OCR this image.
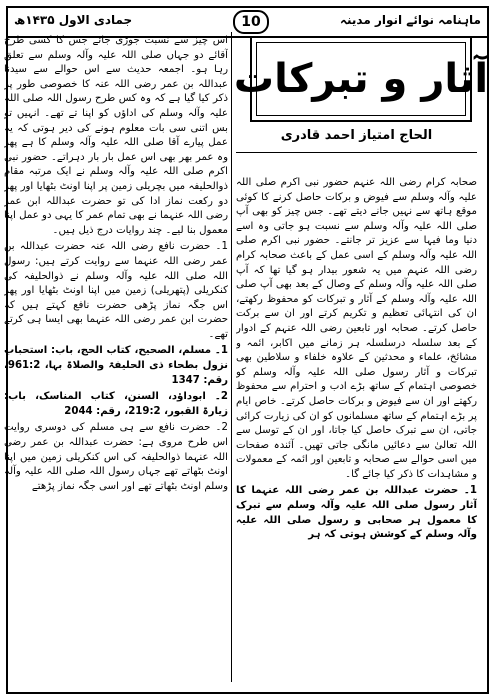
جمادی الاول ۱۴۳۵ھ	10	ماہنامہ نوائے انوار مدینہ
آثار و تبرکات
الحاج امتیاز احمد قادری

صحابہ کرام رضی اللہ عنہم حضور نبی اکرم صلی اللہ علیہ وآلہ وسلم سے فیوض و برکات حاصل کرنے کا کوئی موقع ہاتھ سے نہیں جانے دیتے تھے۔ جس چیز کو بھی آپ صلی اللہ علیہ وآلہ وسلم سے نسبت ہو جاتی وہ اسے دنیا وما فیہا سے عزیز تر جانتے۔ حضور نبی اکرم صلی اللہ علیہ وآلہ وسلم کے اسی عمل کے باعث صحابہ کرام رضی اللہ عنہم میں یہ شعور بیدار ہو گیا تھا کہ آپ صلی اللہ علیہ وآلہ وسلم کے وصال کے بعد بھی آپ صلی اللہ علیہ وآلہ وسلم کے آثار و تبرکات کو محفوظ رکھتے، ان کی انتہائی تعظیم و تکریم کرتے اور ان سے برکت حاصل کرتے۔ صحابہ اور تابعین رضی اللہ عنہم کے ادوار کے بعد سلسلہ درسلسلہ ہر زمانے میں اکابر، ائمہ و مشائخ، علماء و محدثین کے علاوہ خلفاء و سلاطین بھی تبرکات و آثار رسول صلی اللہ علیہ وآلہ وسلم کو خصوصی اہتمام کے ساتھ بڑے ادب و احترام سے محفوظ رکھتے اور ان سے فیوض و برکات حاصل کرتے۔ خاص ایام پر بڑے اہتمام کے ساتھ مسلمانوں کو ان کی زیارت کرائی جاتی، ان سے تبرک حاصل کیا جاتا، اور ان کے توسل سے اللہ تعالیٰ سے دعائیں مانگی جاتی تھیں۔ آئندہ صفحات میں اسی حوالے سے صحابہ و تابعین اور ائمہ کے معمولات و مشاہدات کا ذکر کیا جائے گا۔

1۔ حضرت عبداللہ بن عمر رضی اللہ عنہما کا آثار رسول صلی اللہ علیہ وآلہ وسلم سے تبرک کا معمول ہر صحابی و رسول صلی اللہ علیہ وآلہ وسلم کے کوشش ہوتی کہ ہر

اس چیز سے نسبت جوڑی جائے جس کا کسی طرح آقائے دو جہاں صلی اللہ علیہ وآلہ وسلم سے تعلق رہا ہو۔ اجمعہ حدیث سے اس حوالے سے سیدنا عبداللہ بن عمر رضی اللہ عنہ کا خصوصی طور پر ذکر کیا گیا ہے کہ وہ کس طرح رسول اللہ صلی اللہ علیہ وآلہ وسلم کی اداؤں کو اپنا تے تھے۔ انہیں تو بس اتنی سی بات معلوم ہونے کی دیر ہوتی کہ یہ عمل پیارے آقا صلی اللہ علیہ وآلہ وسلم کا ہے پھر وہ عمر بھر بھی اس عمل بار بار دہراتے۔ حضور نبی اکرم صلی اللہ علیہ وآلہ وسلم نے ایک مرتبہ مقام ذوالحلیفہ میں بچریلی زمین پر اپنا اونٹ بٹھایا اور پھر دو رکعت نماز ادا کی تو حضرت عبداللہ ابن عمر رضی اللہ عنہما نے بھی تمام عمر کا یہی دو عمل اپنا معمول بنا لیے۔ چند روایات درج ذیل ہیں۔

1۔ حضرت نافع رضی اللہ عنہ حضرت عبداللہ بن عمر رضی اللہ عنہما سے روایت کرتے ہیں: رسول اللہ صلی اللہ علیہ وآلہ وسلم نے ذوالحلیفہ کی کنکریلی (پتھریلی) زمین میں اپنا اونٹ بٹھایا اور پھر اس جگہ نماز پڑھی حضرت نافع کہتے ہیں کہ حضرت ابن عمر رضی اللہ عنہما بھی ایسا ہی کرتے تھے۔

1۔ مسلم، الصحیح، کتاب الحج، باب: استحباب نزول بطحاء ذی الحلیفۃ والصلاۃ بہا، 961:2، رقم: 1347

2۔ ابوداؤد، السنن، کتاب المناسک، باب: زیارۃ القبور، 219:2، رقم: 2044

2۔ حضرت نافع سے ہی مسلم کی دوسری روایت اس طرح مروی ہے: حضرت عبداللہ بن عمر رضی اللہ عنہما ذوالحلیفہ کی اس کنکریلی زمین میں اپنا اونٹ بٹھاتے تھے جہاں رسول اللہ صلی اللہ علیہ وآلہ وسلم اونٹ بٹھاتے تھے اور اسی جگہ نماز پڑھتے
